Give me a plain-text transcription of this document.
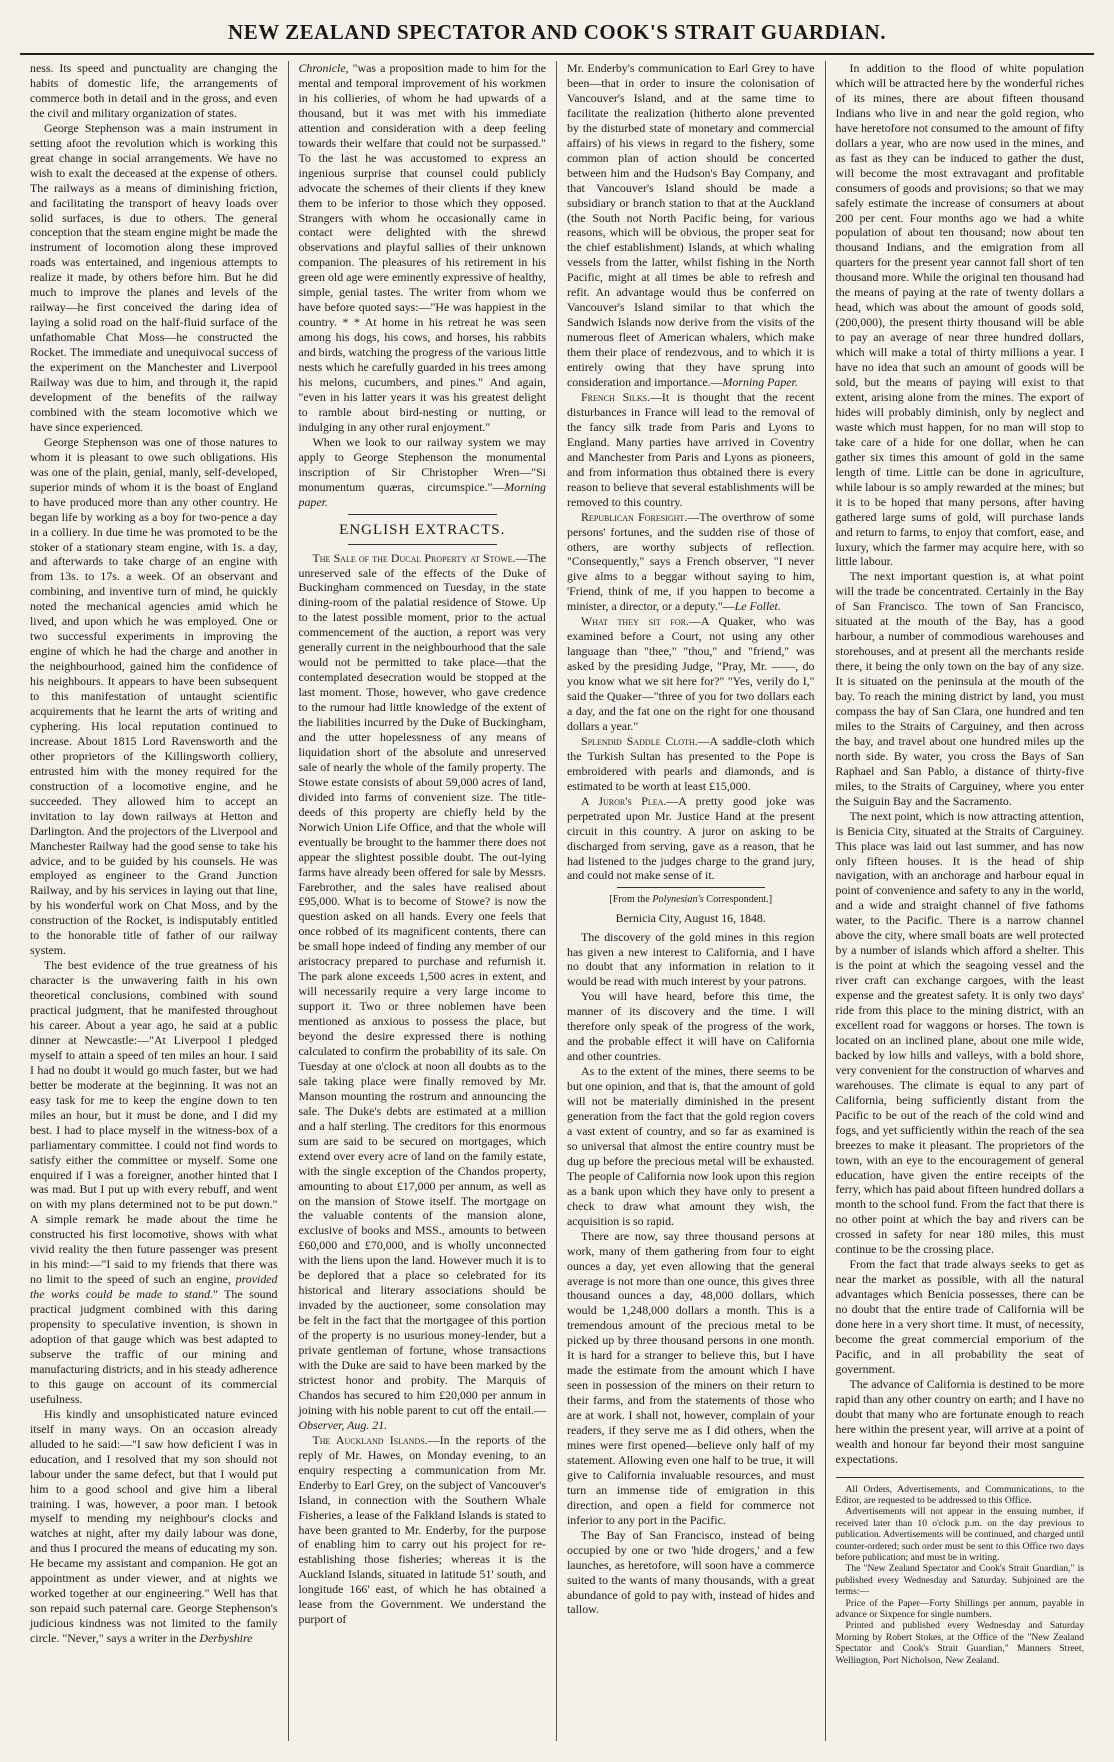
NEW ZEALAND SPECTATOR AND COOK'S STRAIT GUARDIAN.

ness. Its speed and punctuality are changing the habits of domestic life, the arrangements of commerce both in detail and in the gross, and even the civil and military organization of states.

George Stephenson was a main instrument in setting afoot the revolution which is working this great change in social arrangements. We have no wish to exalt the deceased at the expense of others. The railways as a means of diminishing friction, and facilitating the transport of heavy loads over solid surfaces, is due to others. The general conception that the steam engine might be made the instrument of locomotion along these improved roads was entertained, and ingenious attempts to realize it made, by others before him. But he did much to improve the planes and levels of the railway—he first conceived the daring idea of laying a solid road on the half-fluid surface of the unfathomable Chat Moss—he constructed the Rocket. The immediate and unequivocal success of the experiment on the Manchester and Liverpool Railway was due to him, and through it, the rapid development of the benefits of the railway combined with the steam locomotive which we have since experienced.

George Stephenson was one of those natures to whom it is pleasant to owe such obligations. His was one of the plain, genial, manly, self-developed, superior minds of whom it is the boast of England to have produced more than any other country. He began life by working as a boy for two-pence a day in a colliery. In due time he was promoted to be the stoker of a stationary steam engine, with 1s. a day, and afterwards to take charge of an engine with from 13s. to 17s. a week. Of an observant and combining, and inventive turn of mind, he quickly noted the mechanical agencies amid which he lived, and upon which he was employed. One or two successful experiments in improving the engine of which he had the charge and another in the neighbourhood, gained him the confidence of his neighbours. It appears to have been subsequent to this manifestation of untaught scientific acquirements that he learnt the arts of writing and cyphering. His local reputation continued to increase. About 1815 Lord Ravensworth and the other proprietors of the Killingsworth colliery, entrusted him with the money required for the construction of a locomotive engine, and he succeeded. They allowed him to accept an invitation to lay down railways at Hetton and Darlington. And the projectors of the Liverpool and Manchester Railway had the good sense to take his advice, and to be guided by his counsels. He was employed as engineer to the Grand Junction Railway, and by his services in laying out that line, by his wonderful work on Chat Moss, and by the construction of the Rocket, is indisputably entitled to the honorable title of father of our railway system.

The best evidence of the true greatness of his character is the unwavering faith in his own theoretical conclusions, combined with sound practical judgment, that he manifested throughout his career. About a year ago, he said at a public dinner at Newcastle:—"At Liverpool I pledged myself to attain a speed of ten miles an hour. I said I had no doubt it would go much faster, but we had better be moderate at the beginning. It was not an easy task for me to keep the engine down to ten miles an hour, but it must be done, and I did my best. I had to place myself in the witness-box of a parliamentary committee. I could not find words to satisfy either the committee or myself. Some one enquired if I was a foreigner, another hinted that I was mad. But I put up with every rebuff, and went on with my plans determined not to be put down." A simple remark he made about the time he constructed his first locomotive, shows with what vivid reality the then future passenger was present in his mind:—"I said to my friends that there was no limit to the speed of such an engine, provided the works could be made to stand." The sound practical judgment combined with this daring propensity to speculative invention, is shown in adoption of that gauge which was best adapted to subserve the traffic of our mining and manufacturing districts, and in his steady adherence to this gauge on account of its commercial usefulness.

His kindly and unsophisticated nature evinced itself in many ways. On an occasion already alluded to he said:—"I saw how deficient I was in education, and I resolved that my son should not labour under the same defect, but that I would put him to a good school and give him a liberal training. I was, however, a poor man. I betook myself to mending my neighbour's clocks and watches at night, after my daily labour was done, and thus I procured the means of educating my son. He became my assistant and companion. He got an appointment as under viewer, and at nights we worked together at our engineering." Well has that son repaid such paternal care. George Stephenson's judicious kindness was not limited to the family circle. "Never," says a writer in the Derbyshire

Chronicle, "was a proposition made to him for the mental and temporal improvement of his workmen in his collieries, of whom he had upwards of a thousand, but it was met with his immediate attention and consideration with a deep feeling towards their welfare that could not be surpassed." To the last he was accustomed to express an ingenious surprise that counsel could publicly advocate the schemes of their clients if they knew them to be inferior to those which they opposed. Strangers with whom he occasionally came in contact were delighted with the shrewd observations and playful sallies of their unknown companion. The pleasures of his retirement in his green old age were eminently expressive of healthy, simple, genial tastes. The writer from whom we have before quoted says:—"He was happiest in the country. * * At home in his retreat he was seen among his dogs, his cows, and horses, his rabbits and birds, watching the progress of the various little nests which he carefully guarded in his trees among his melons, cucumbers, and pines." And again, "even in his latter years it was his greatest delight to ramble about bird-nesting or nutting, or indulging in any other rural enjoyment."

When we look to our railway system we may apply to George Stephenson the monumental inscription of Sir Christopher Wren—"Si monumentum quæras, circumspice."—Morning paper.

ENGLISH EXTRACTS.

The Sale of the Ducal Property at Stowe.—The unreserved sale of the effects of the Duke of Buckingham commenced on Tuesday, in the state dining-room of the palatial residence of Stowe. Up to the latest possible moment, prior to the actual commencement of the auction, a report was very generally current in the neighbourhood that the sale would not be permitted to take place—that the contemplated desecration would be stopped at the last moment. Those, however, who gave credence to the rumour had little knowledge of the extent of the liabilities incurred by the Duke of Buckingham, and the utter hopelessness of any means of liquidation short of the absolute and unreserved sale of nearly the whole of the family property. The Stowe estate consists of about 59,000 acres of land, divided into farms of convenient size. The title-deeds of this property are chiefly held by the Norwich Union Life Office, and that the whole will eventually be brought to the hammer there does not appear the slightest possible doubt. The out-lying farms have already been offered for sale by Messrs. Farebrother, and the sales have realised about £95,000. What is to become of Stowe? is now the question asked on all hands. Every one feels that once robbed of its magnificent contents, there can be small hope indeed of finding any member of our aristocracy prepared to purchase and refurnish it. The park alone exceeds 1,500 acres in extent, and will necessarily require a very large income to support it. Two or three noblemen have been mentioned as anxious to possess the place, but beyond the desire expressed there is nothing calculated to confirm the probability of its sale. On Tuesday at one o'clock at noon all doubts as to the sale taking place were finally removed by Mr. Manson mounting the rostrum and announcing the sale. The Duke's debts are estimated at a million and a half sterling. The creditors for this enormous sum are said to be secured on mortgages, which extend over every acre of land on the family estate, with the single exception of the Chandos property, amounting to about £17,000 per annum, as well as on the mansion of Stowe itself. The mortgage on the valuable contents of the mansion alone, exclusive of books and MSS., amounts to between £60,000 and £70,000, and is wholly unconnected with the liens upon the land. However much it is to be deplored that a place so celebrated for its historical and literary associations should be invaded by the auctioneer, some consolation may be felt in the fact that the mortgagee of this portion of the property is no usurious money-lender, but a private gentleman of fortune, whose transactions with the Duke are said to have been marked by the strictest honor and probity. The Marquis of Chandos has secured to him £20,000 per annum in joining with his noble parent to cut off the entail.—Observer, Aug. 21.

The Auckland Islands.—In the reports of the reply of Mr. Hawes, on Monday evening, to an enquiry respecting a communication from Mr. Enderby to Earl Grey, on the subject of Vancouver's Island, in connection with the Southern Whale Fisheries, a lease of the Falkland Islands is stated to have been granted to Mr. Enderby, for the purpose of enabling him to carry out his project for re-establishing those fisheries; whereas it is the Auckland Islands, situated in latitude 51' south, and longitude 166' east, of which he has obtained a lease from the Government. We understand the purport of

Mr. Enderby's communication to Earl Grey to have been—that in order to insure the colonisation of Vancouver's Island, and at the same time to facilitate the realization (hitherto alone prevented by the disturbed state of monetary and commercial affairs) of his views in regard to the fishery, some common plan of action should be concerted between him and the Hudson's Bay Company, and that Vancouver's Island should be made a subsidiary or branch station to that at the Auckland (the South not North Pacific being, for various reasons, which will be obvious, the proper seat for the chief establishment) Islands, at which whaling vessels from the latter, whilst fishing in the North Pacific, might at all times be able to refresh and refit. An advantage would thus be conferred on Vancouver's Island similar to that which the Sandwich Islands now derive from the visits of the numerous fleet of American whalers, which make them their place of rendezvous, and to which it is entirely owing that they have sprung into consideration and importance.—Morning Paper.

French Silks.—It is thought that the recent disturbances in France will lead to the removal of the fancy silk trade from Paris and Lyons to England. Many parties have arrived in Coventry and Manchester from Paris and Lyons as pioneers, and from information thus obtained there is every reason to believe that several establishments will be removed to this country.

Republican Foresight.—The overthrow of some persons' fortunes, and the sudden rise of those of others, are worthy subjects of reflection. "Consequently," says a French observer, "I never give alms to a beggar without saying to him, 'Friend, think of me, if you happen to become a minister, a director, or a deputy."—Le Follet.

What they sit for.—A Quaker, who was examined before a Court, not using any other language than "thee," "thou," and "friend," was asked by the presiding Judge, "Pray, Mr. ——, do you know what we sit here for?" "Yes, verily do I," said the Quaker—"three of you for two dollars each a day, and the fat one on the right for one thousand dollars a year."

Splendid Saddle Cloth.—A saddle-cloth which the Turkish Sultan has presented to the Pope is embroidered with pearls and diamonds, and is estimated to be worth at least £15,000.

A Juror's Plea.—A pretty good joke was perpetrated upon Mr. Justice Hand at the present circuit in this country. A juror on asking to be discharged from serving, gave as a reason, that he had listened to the judges charge to the grand jury, and could not make sense of it.

[From the Polynesian's Correspondent.]

Bernicia City, August 16, 1848.

The discovery of the gold mines in this region has given a new interest to California, and I have no doubt that any information in relation to it would be read with much interest by your patrons.

You will have heard, before this time, the manner of its discovery and the time. I will therefore only speak of the progress of the work, and the probable effect it will have on California and other countries.

As to the extent of the mines, there seems to be but one opinion, and that is, that the amount of gold will not be materially diminished in the present generation from the fact that the gold region covers a vast extent of country, and so far as examined is so universal that almost the entire country must be dug up before the precious metal will be exhausted. The people of California now look upon this region as a bank upon which they have only to present a check to draw what amount they wish, the acquisition is so rapid.

There are now, say three thousand persons at work, many of them gathering from four to eight ounces a day, yet even allowing that the general average is not more than one ounce, this gives three thousand ounces a day, 48,000 dollars, which would be 1,248,000 dollars a month. This is a tremendous amount of the precious metal to be picked up by three thousand persons in one month. It is hard for a stranger to believe this, but I have made the estimate from the amount which I have seen in possession of the miners on their return to their farms, and from the statements of those who are at work. I shall not, however, complain of your readers, if they serve me as I did others, when the mines were first opened—believe only half of my statement. Allowing even one half to be true, it will give to California invaluable resources, and must turn an immense tide of emigration in this direction, and open a field for commerce not inferior to any port in the Pacific.

The Bay of San Francisco, instead of being occupied by one or two 'hide drogers,' and a few launches, as heretofore, will soon have a commerce suited to the wants of many thousands, with a great abundance of gold to pay with, instead of hides and tallow.

In addition to the flood of white population which will be attracted here by the wonderful riches of its mines, there are about fifteen thousand Indians who live in and near the gold region, who have heretofore not consumed to the amount of fifty dollars a year, who are now used in the mines, and as fast as they can be induced to gather the dust, will become the most extravagant and profitable consumers of goods and provisions; so that we may safely estimate the increase of consumers at about 200 per cent. Four months ago we had a white population of about ten thousand; now about ten thousand Indians, and the emigration from all quarters for the present year cannot fall short of ten thousand more. While the original ten thousand had the means of paying at the rate of twenty dollars a head, which was about the amount of goods sold, (200,000), the present thirty thousand will be able to pay an average of near three hundred dollars, which will make a total of thirty millions a year. I have no idea that such an amount of goods will be sold, but the means of paying will exist to that extent, arising alone from the mines. The export of hides will probably diminish, only by neglect and waste which must happen, for no man will stop to take care of a hide for one dollar, when he can gather six times this amount of gold in the same length of time. Little can be done in agriculture, while labour is so amply rewarded at the mines; but it is to be hoped that many persons, after having gathered large sums of gold, will purchase lands and return to farms, to enjoy that comfort, ease, and luxury, which the farmer may acquire here, with so little labour.

The next important question is, at what point will the trade be concentrated. Certainly in the Bay of San Francisco. The town of San Francisco, situated at the mouth of the Bay, has a good harbour, a number of commodious warehouses and storehouses, and at present all the merchants reside there, it being the only town on the bay of any size. It is situated on the peninsula at the mouth of the bay. To reach the mining district by land, you must compass the bay of San Clara, one hundred and ten miles to the Straits of Carguiney, and then across the bay, and travel about one hundred miles up the north side. By water, you cross the Bays of San Raphael and San Pablo, a distance of thirty-five miles, to the Straits of Carguiney, where you enter the Suiguin Bay and the Sacramento.

The next point, which is now attracting attention, is Benicia City, situated at the Straits of Carguiney. This place was laid out last summer, and has now only fifteen houses. It is the head of ship navigation, with an anchorage and harbour equal in point of convenience and safety to any in the world, and a wide and straight channel of five fathoms water, to the Pacific. There is a narrow channel above the city, where small boats are well protected by a number of islands which afford a shelter. This is the point at which the seagoing vessel and the river craft can exchange cargoes, with the least expense and the greatest safety. It is only two days' ride from this place to the mining district, with an excellent road for waggons or horses. The town is located on an inclined plane, about one mile wide, backed by low hills and valleys, with a bold shore, very convenient for the construction of wharves and warehouses. The climate is equal to any part of California, being sufficiently distant from the Pacific to be out of the reach of the cold wind and fogs, and yet sufficiently within the reach of the sea breezes to make it pleasant. The proprietors of the town, with an eye to the encouragement of general education, have given the entire receipts of the ferry, which has paid about fifteen hundred dollars a month to the school fund. From the fact that there is no other point at which the bay and rivers can be crossed in safety for near 180 miles, this must continue to be the crossing place.

From the fact that trade always seeks to get as near the market as possible, with all the natural advantages which Benicia possesses, there can be no doubt that the entire trade of California will be done here in a very short time. It must, of necessity, become the great commercial emporium of the Pacific, and in all probability the seat of government.

The advance of California is destined to be more rapid than any other country on earth; and I have no doubt that many who are fortunate enough to reach here within the present year, will arrive at a point of wealth and honour far beyond their most sanguine expectations.

All Orders, Advertisements, and Communications, to the Editor, are requested to be addressed to this Office.

Advertisements will not appear in the ensuing number, if received later than 10 o'clock p.m. on the day previous to publication. Advertisements will be continued, and charged until counter-ordered; such order must be sent to this Office two days before publication; and must be in writing.

The "New Zealand Spectator and Cook's Strait Guardian," is published every Wednesday and Saturday. Subjoined are the terms:—

Price of the Paper—Forty Shillings per annum, payable in advance or Sixpence for single numbers.

Printed and published every Wednesday and Saturday Morning by Robert Stokes, at the Office of the "New Zealand Spectator and Cook's Strait Guardian," Manners Street, Wellington, Port Nicholson, New Zealand.
